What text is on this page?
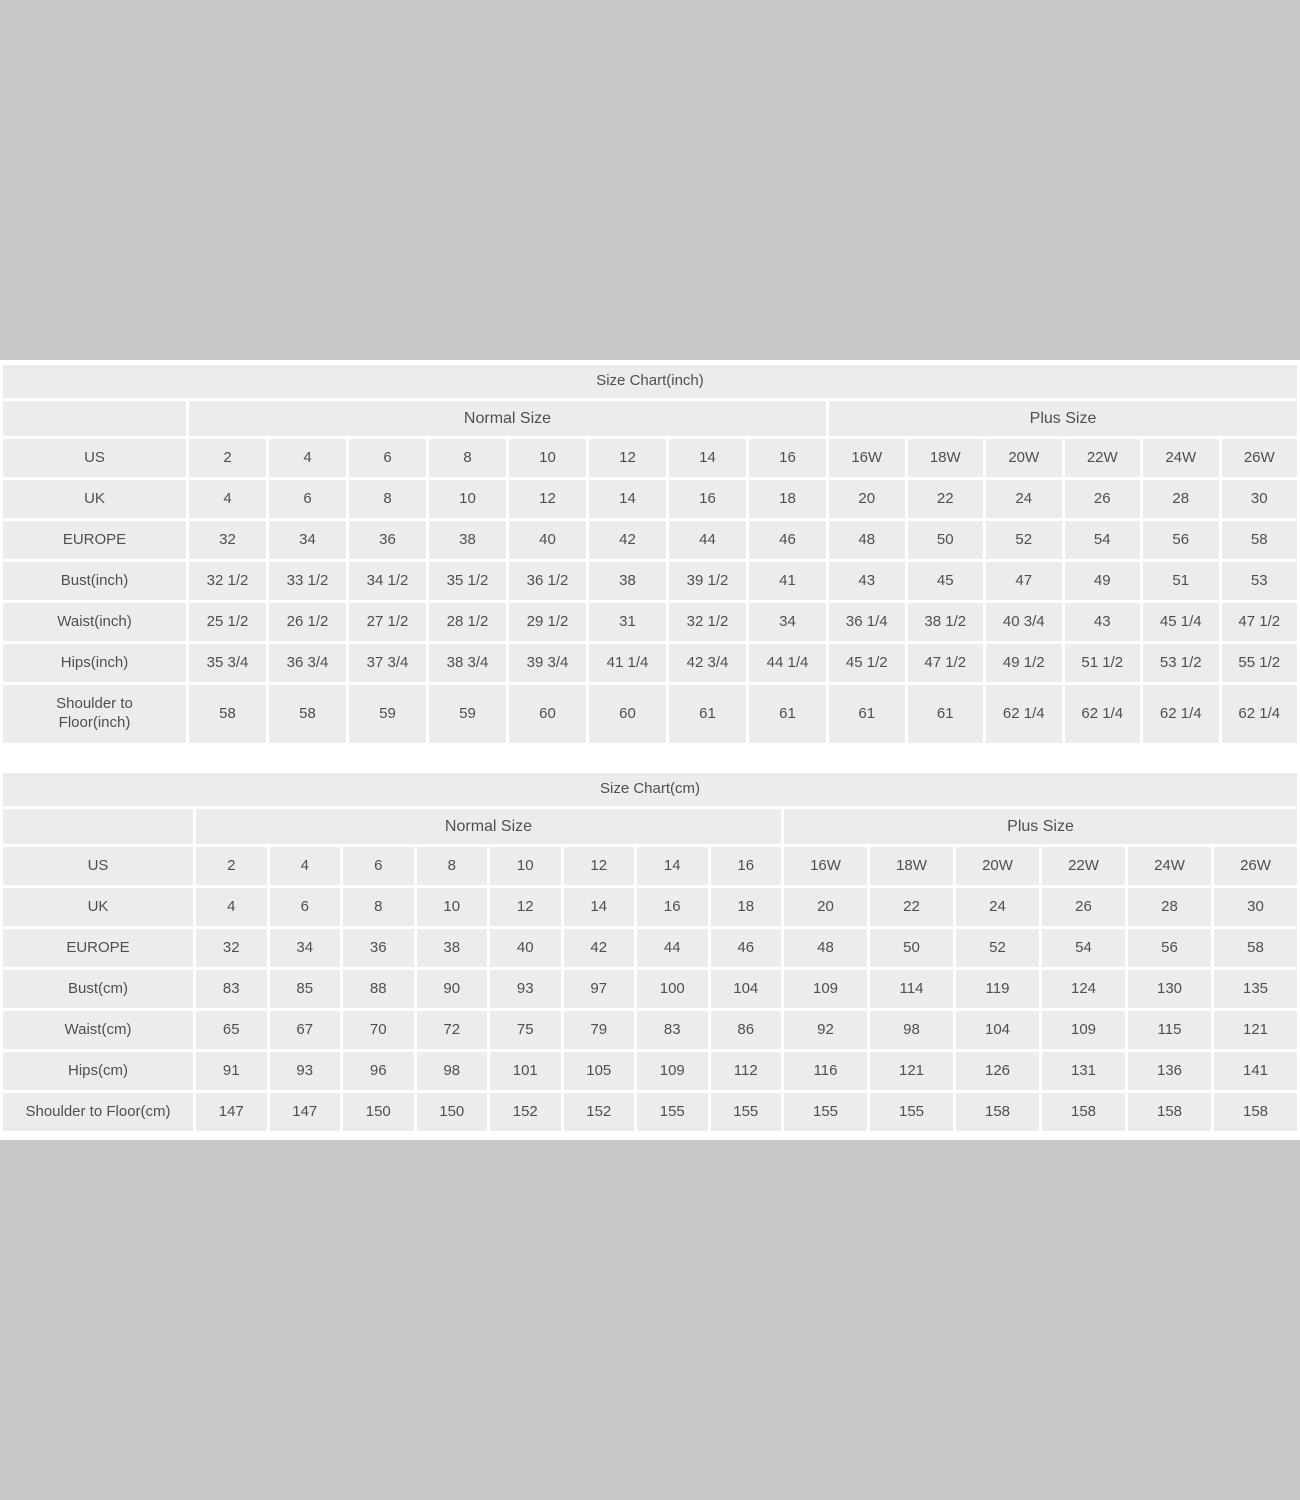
Size Chart(inch)														
	Normal Size								Plus Size					
US	2	4	6	8	10	12	14	16	16W	18W	20W	22W	24W	26W
UK	4	6	8	10	12	14	16	18	20	22	24	26	28	30
EUROPE	32	34	36	38	40	42	44	46	48	50	52	54	56	58
Bust(inch)	32 1/2	33 1/2	34 1/2	35 1/2	36 1/2	38	39 1/2	41	43	45	47	49	51	53
Waist(inch)	25 1/2	26 1/2	27 1/2	28 1/2	29 1/2	31	32 1/2	34	36 1/4	38 1/2	40 3/4	43	45 1/4	47 1/2
Hips(inch)	35 3/4	36 3/4	37 3/4	38 3/4	39 3/4	41 1/4	42 3/4	44 1/4	45 1/2	47 1/2	49 1/2	51 1/2	53 1/2	55 1/2
Shoulder to
Floor(inch)	58	58	59	59	60	60	61	61	61	61	62 1/4	62 1/4	62 1/4	62 1/4
Size Chart(cm)														
	Normal Size								Plus Size					
US	2	4	6	8	10	12	14	16	16W	18W	20W	22W	24W	26W
UK	4	6	8	10	12	14	16	18	20	22	24	26	28	30
EUROPE	32	34	36	38	40	42	44	46	48	50	52	54	56	58
Bust(cm)	83	85	88	90	93	97	100	104	109	114	119	124	130	135
Waist(cm)	65	67	70	72	75	79	83	86	92	98	104	109	115	121
Hips(cm)	91	93	96	98	101	105	109	112	116	121	126	131	136	141
Shoulder to Floor(cm)	147	147	150	150	152	152	155	155	155	155	158	158	158	158
